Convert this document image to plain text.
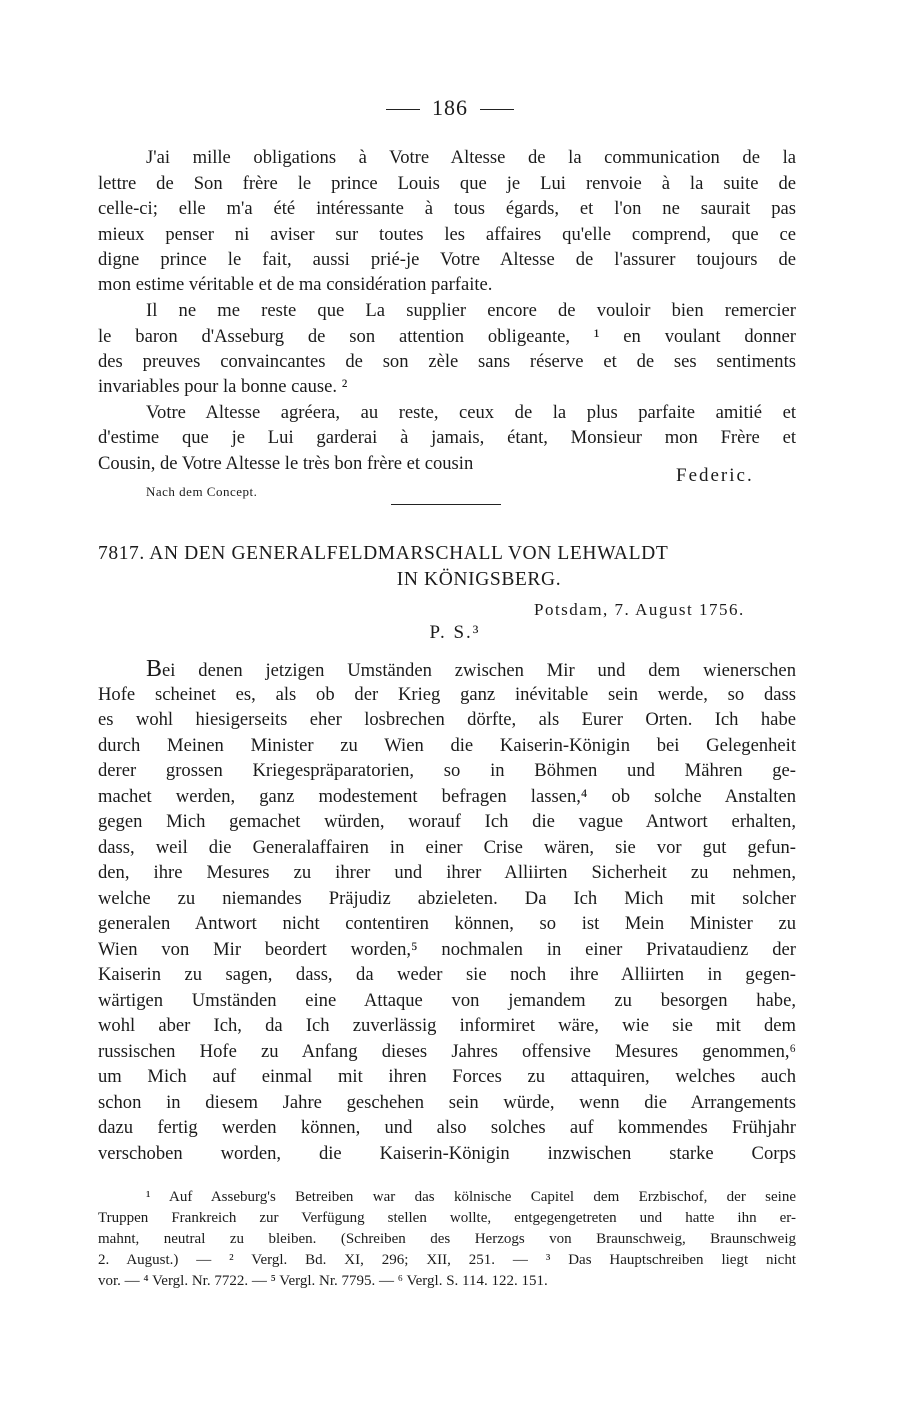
186
J'ai mille obligations à Votre Altesse de la communication de la
lettre de Son frère le prince Louis que je Lui renvoie à la suite de
celle-ci; elle m'a été intéressante à tous égards, et l'on ne saurait pas
mieux penser ni aviser sur toutes les affaires qu'elle comprend, que ce
digne prince le fait, aussi prié-je Votre Altesse de l'assurer toujours de
mon estime véritable et de ma considération parfaite.
Il ne me reste que La supplier encore de vouloir bien remercier
le baron d'Asseburg de son attention obligeante, ¹ en voulant donner
des preuves convaincantes de son zèle sans réserve et de ses sentiments
invariables pour la bonne cause. ²
Votre Altesse agréera, au reste, ceux de la plus parfaite amitié et
d'estime que je Lui garderai à jamais, étant, Monsieur mon Frère et
Cousin, de Votre Altesse le très bon frère et cousin
Federic.
Nach dem Concept.
7817. AN DEN GENERALFELDMARSCHALL VON LEHWALDT
IN KÖNIGSBERG.
Potsdam, 7. August 1756.
P. S.³
Bei denen jetzigen Umständen zwischen Mir und dem wienerschen
Hofe scheinet es, als ob der Krieg ganz inévitable sein werde, so dass
es wohl hiesigerseits eher losbrechen dörfte, als Eurer Orten. Ich habe
durch Meinen Minister zu Wien die Kaiserin-Königin bei Gelegenheit
derer grossen Kriegespräparatorien, so in Böhmen und Mähren ge-
machet werden, ganz modestement befragen lassen,⁴ ob solche Anstalten
gegen Mich gemachet würden, worauf Ich die vague Antwort erhalten,
dass, weil die Generalaffairen in einer Crise wären, sie vor gut gefun-
den, ihre Mesures zu ihrer und ihrer Alliirten Sicherheit zu nehmen,
welche zu niemandes Präjudiz abzieleten. Da Ich Mich mit solcher
generalen Antwort nicht contentiren können, so ist Mein Minister zu
Wien von Mir beordert worden,⁵ nochmalen in einer Privataudienz der
Kaiserin zu sagen, dass, da weder sie noch ihre Alliirten in gegen-
wärtigen Umständen eine Attaque von jemandem zu besorgen habe,
wohl aber Ich, da Ich zuverlässig informiret wäre, wie sie mit dem
russischen Hofe zu Anfang dieses Jahres offensive Mesures genommen,⁶
um Mich auf einmal mit ihren Forces zu attaquiren, welches auch
schon in diesem Jahre geschehen sein würde, wenn die Arrangements
dazu fertig werden können, und also solches auf kommendes Frühjahr
verschoben worden, die Kaiserin-Königin inzwischen starke Corps
¹ Auf Asseburg's Betreiben war das kölnische Capitel dem Erzbischof, der seine
Truppen Frankreich zur Verfügung stellen wollte, entgegengetreten und hatte ihn er-
mahnt, neutral zu bleiben. (Schreiben des Herzogs von Braunschweig, Braunschweig
2. August.) — ² Vergl. Bd. XI, 296; XII, 251. — ³ Das Hauptschreiben liegt nicht
vor. — ⁴ Vergl. Nr. 7722. — ⁵ Vergl. Nr. 7795. — ⁶ Vergl. S. 114. 122. 151.
